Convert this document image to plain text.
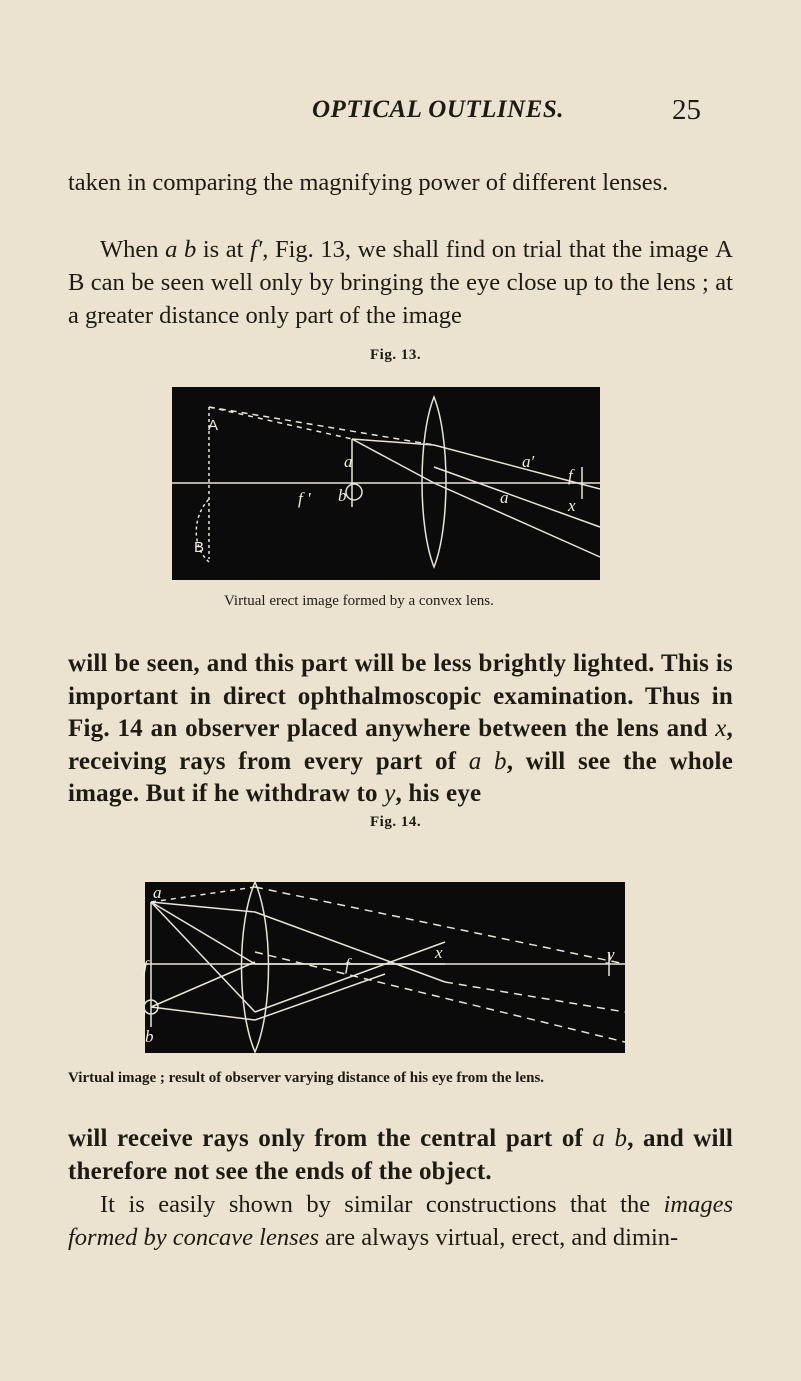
OPTICAL OUTLINES.	25

taken in comparing the magnifying power of different lenses.

When a b is at f′, Fig. 13, we shall find on trial that the image A B can be seen well only by bringing the eye close up to the lens ; at a greater distance only part of the image

Fig. 13.
A
B
a
b
f ′
a′
f
a	x
Virtual erect image formed by a convex lens.

will be seen, and this part will be less brightly lighted. This is important in direct ophthalmoscopic examination. Thus in Fig. 14 an observer placed anywhere between the lens and x, receiving rays from every part of a b, will see the whole image. But if he withdraw to y, his eye

Fig. 14.
a
f
b
f
x	y
Virtual image ; result of observer varying distance of his eye from the lens.

will receive rays only from the central part of a b, and will therefore not see the ends of the object.

It is easily shown by similar constructions that the images formed by concave lenses are always virtual, erect, and dimin-
